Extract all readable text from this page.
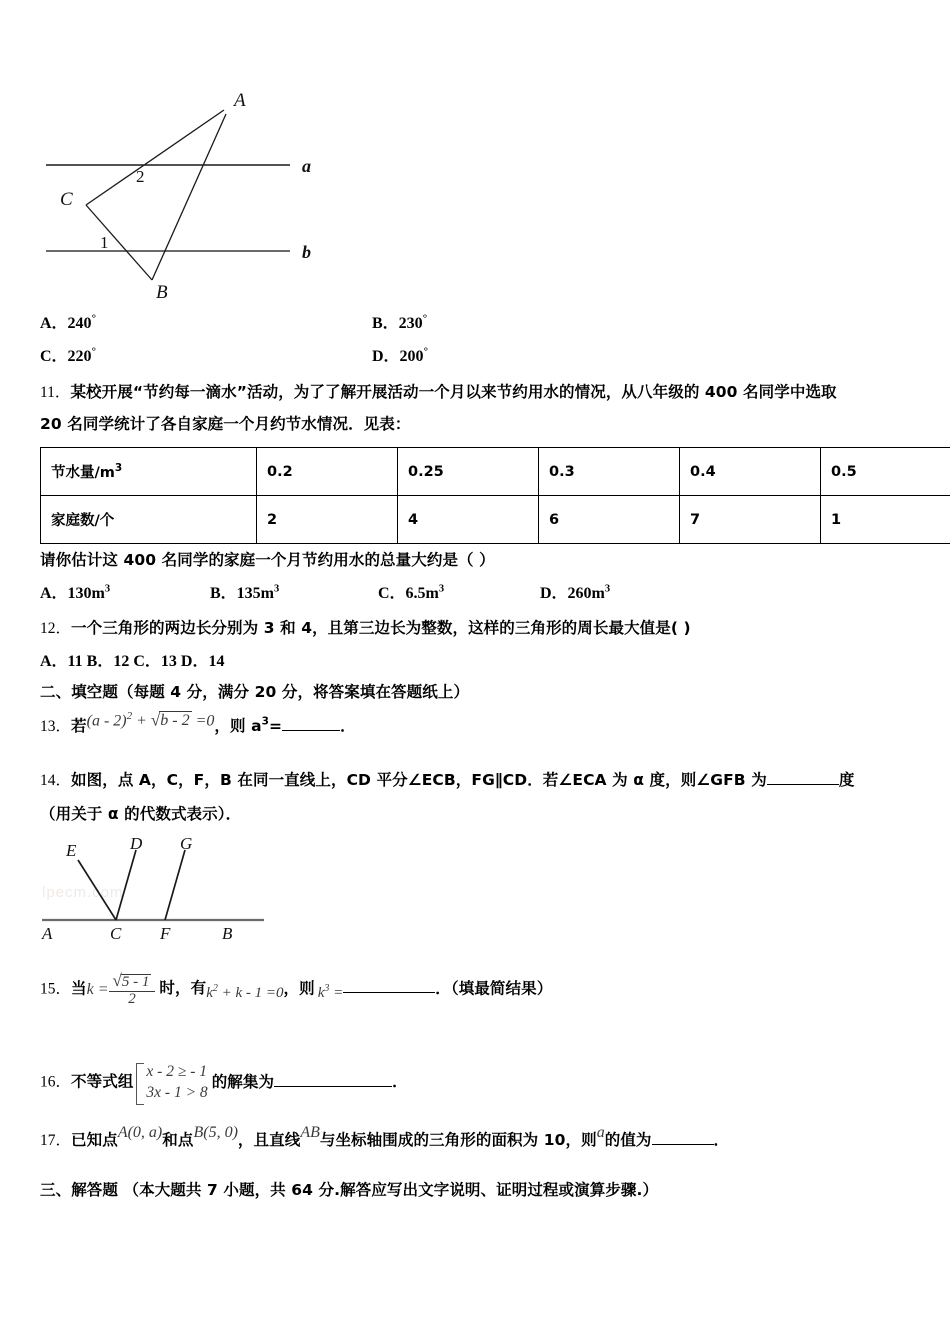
A
B
C
a
b
2
1
A．240°	B．230°
C．220°	D．200°
11．某校开展“节约每一滴水”活动，为了了解开展活动一个月以来节约用水的情况，从八年级的 400 名同学中选取
20 名同学统计了各自家庭一个月约节水情况．见表：
节水量$/m^3$	0.2	0.25	0.3	0.4	0.5
家庭数/个	2	4	6	7	1
请你估计这 400 名同学的家庭一个月节约用水的总量大约是（ ）
A．$130m^3$	B．$135m^3$	C．$6.5m^3$	D．$260m^3$
12．一个三角形的两边长分别为 3 和 4，且第三边长为整数，这样的三角形的周长最大值是( )
A．11 B．12 C．13 D．14
二、填空题（每题 4 分，满分 20 分，将答案填在答题纸上）
13．若(a - 2)$^2$ + √b - 2 =0，则 $a^3=$	．
14．如图，点 A，C，F，B 在同一直线上，CD 平分∠ECB，FG∥CD．若∠ECA 为 α 度，则∠GFB 为	度
（用关于 α 的代数式表示）．
lpecm.com
E	D G
A	C F	B
15．当$k = \frac{√5 - 1}{2}$ 时，有$k^2 + k - 1 =0$，则 $k^3$ =	．（填最简结果）
16．不等式组
x - 2 ≥ - 1
3x - 1 > 8
的解集为	．
17．已知点A(0, a)和点B(5, 0)，且直线AB与坐标轴围成的三角形的面积为 10，则a的值为	．
三、解答题 （本大题共 7 小题，共 64 分.解答应写出文字说明、证明过程或演算步骤.）
